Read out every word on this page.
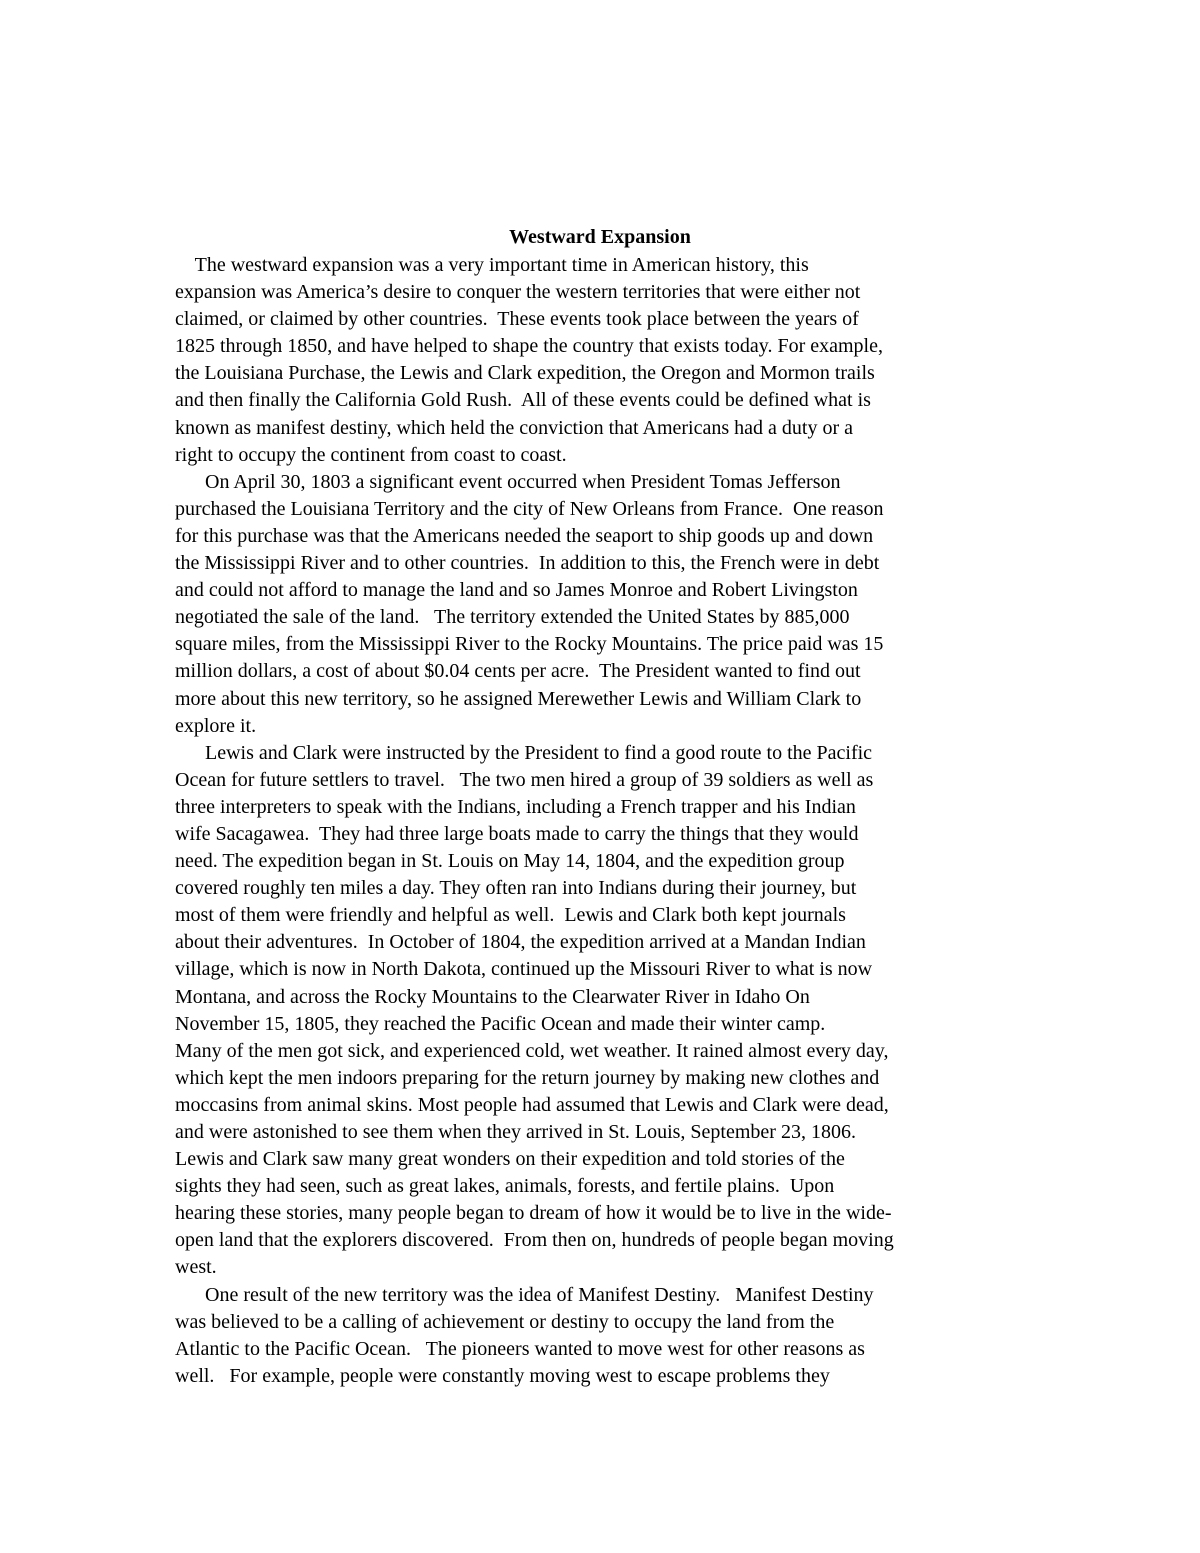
Westward Expansion
The westward expansion was a very important time in American history, this
expansion was America’s desire to conquer the western territories that were either not
claimed, or claimed by other countries.  These events took place between the years of
1825 through 1850, and have helped to shape the country that exists today. For example,
the Louisiana Purchase, the Lewis and Clark expedition, the Oregon and Mormon trails
and then finally the California Gold Rush.  All of these events could be defined what is
known as manifest destiny, which held the conviction that Americans had a duty or a
right to occupy the continent from coast to coast.
On April 30, 1803 a significant event occurred when President Tomas Jefferson
purchased the Louisiana Territory and the city of New Orleans from France.  One reason
for this purchase was that the Americans needed the seaport to ship goods up and down
the Mississippi River and to other countries.  In addition to this, the French were in debt
and could not afford to manage the land and so James Monroe and Robert Livingston
negotiated the sale of the land.   The territory extended the United States by 885,000
square miles, from the Mississippi River to the Rocky Mountains. The price paid was 15
million dollars, a cost of about $0.04 cents per acre.  The President wanted to find out
more about this new territory, so he assigned Merewether Lewis and William Clark to
explore it.
Lewis and Clark were instructed by the President to find a good route to the Pacific
Ocean for future settlers to travel.   The two men hired a group of 39 soldiers as well as
three interpreters to speak with the Indians, including a French trapper and his Indian
wife Sacagawea.  They had three large boats made to carry the things that they would
need. The expedition began in St. Louis on May 14, 1804, and the expedition group
covered roughly ten miles a day. They often ran into Indians during their journey, but
most of them were friendly and helpful as well.  Lewis and Clark both kept journals
about their adventures.  In October of 1804, the expedition arrived at a Mandan Indian
village, which is now in North Dakota, continued up the Missouri River to what is now
Montana, and across the Rocky Mountains to the Clearwater River in Idaho On
November 15, 1805, they reached the Pacific Ocean and made their winter camp.
Many of the men got sick, and experienced cold, wet weather. It rained almost every day,
which kept the men indoors preparing for the return journey by making new clothes and
moccasins from animal skins. Most people had assumed that Lewis and Clark were dead,
and were astonished to see them when they arrived in St. Louis, September 23, 1806.
Lewis and Clark saw many great wonders on their expedition and told stories of the
sights they had seen, such as great lakes, animals, forests, and fertile plains.  Upon
hearing these stories, many people began to dream of how it would be to live in the wide-
open land that the explorers discovered.  From then on, hundreds of people began moving
west.
One result of the new territory was the idea of Manifest Destiny.   Manifest Destiny
was believed to be a calling of achievement or destiny to occupy the land from the
Atlantic to the Pacific Ocean.   The pioneers wanted to move west for other reasons as
well.   For example, people were constantly moving west to escape problems they
